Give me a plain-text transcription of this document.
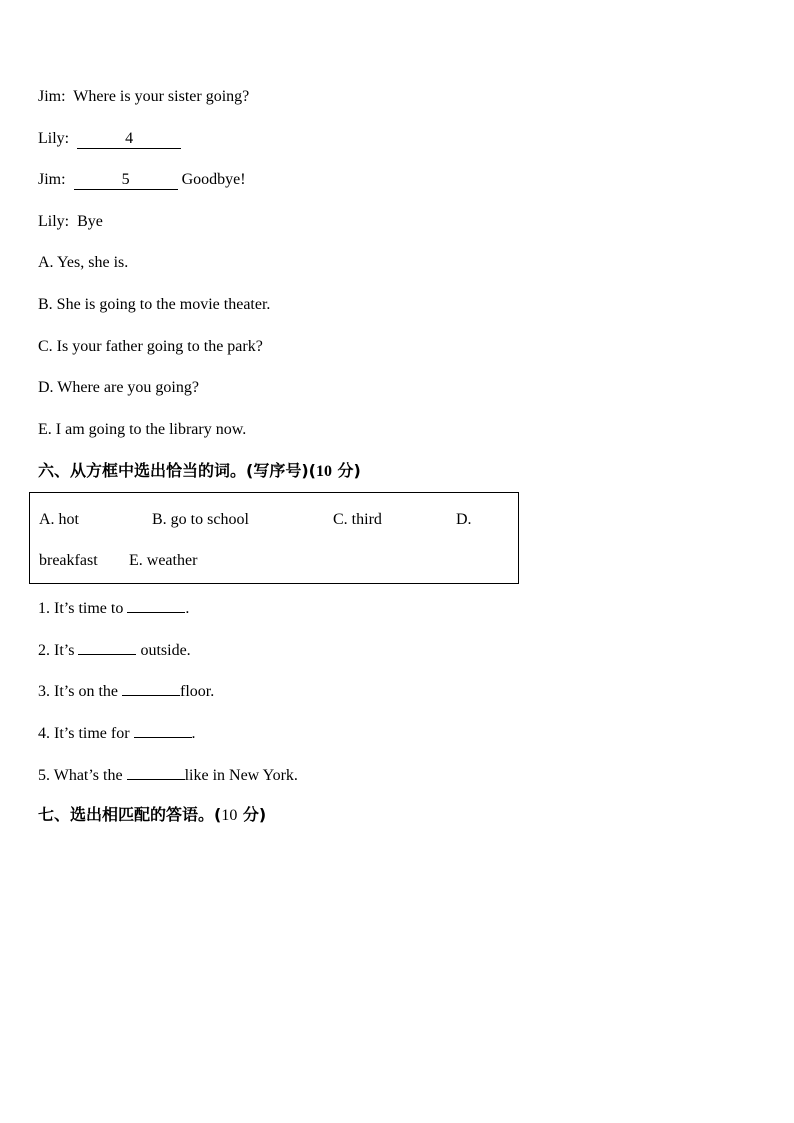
Jim: Where is your sister going?
Lily:	4
Jim:	5	Goodbye!
Lily: Bye
A. Yes, she is.
B. She is going to the movie theater.
C. Is your father going to the park?
D. Where are you going?
E. I am going to the library now.
六、从方框中选出恰当的词。(写序号)(10 分)
A. hot	B. go to school	C. third	D.
breakfast E. weather
1. It’s time to	.
2. It’s	outside.
3. It’s on the	floor.
4. It’s time for	.
5. What’s the	like in New York.
七、选出相匹配的答语。(10 分)
